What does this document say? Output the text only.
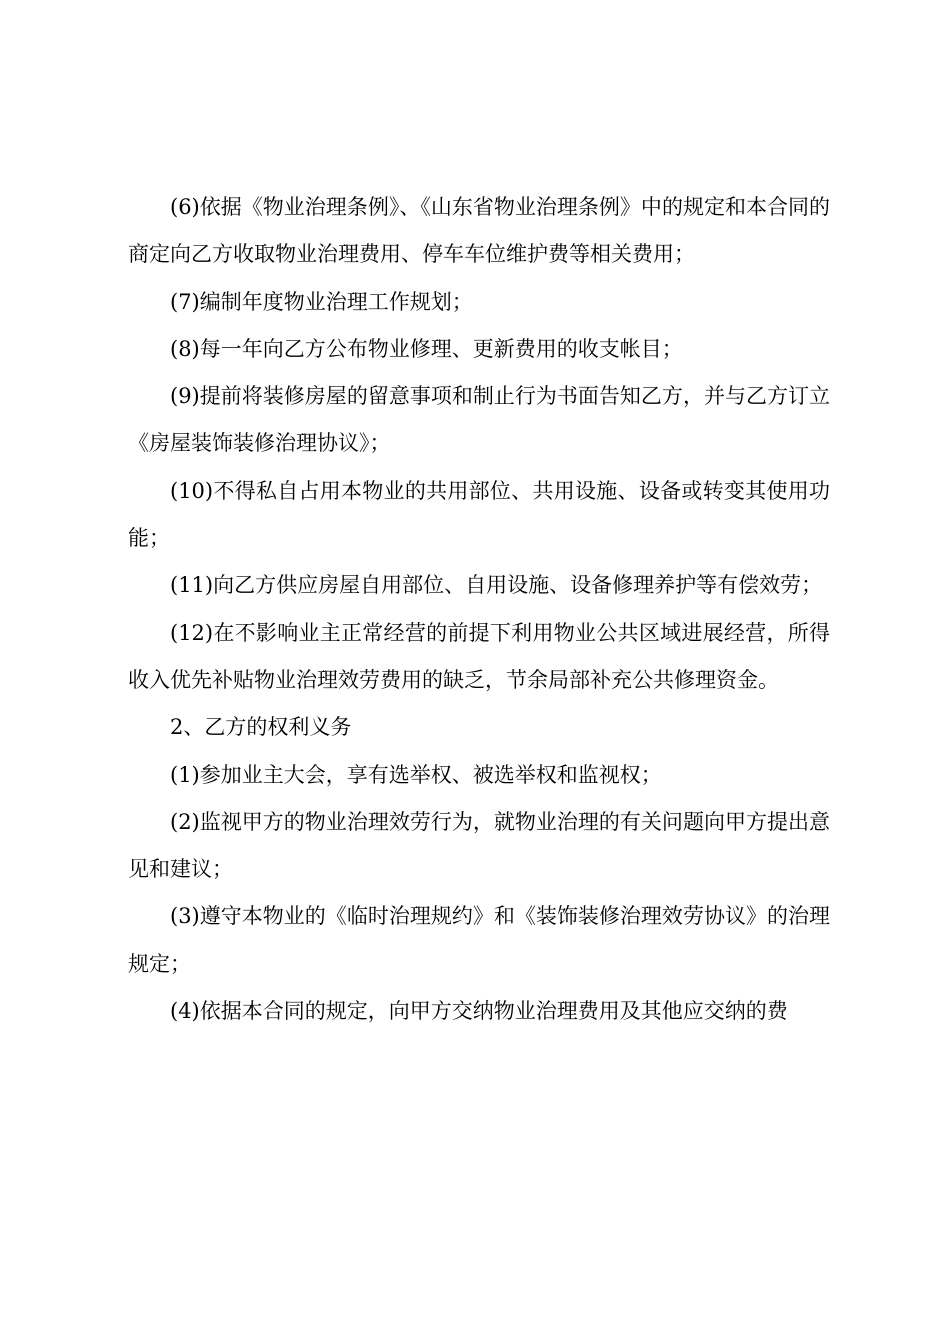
(6)依据《物业治理条例》、《山东省物业治理条例》中的规定和本合同的商定向乙方收取物业治理费用、停车车位维护费等相关费用；

(7)编制年度物业治理工作规划；

(8)每一年向乙方公布物业修理、更新费用的收支帐目；

(9)提前将装修房屋的留意事项和制止行为书面告知乙方，并与乙方订立《房屋装饰装修治理协议》；

(10)不得私自占用本物业的共用部位、共用设施、设备或转变其使用功能；

(11)向乙方供应房屋自用部位、自用设施、设备修理养护等有偿效劳；

(12)在不影响业主正常经营的前提下利用物业公共区域进展经营，所得收入优先补贴物业治理效劳费用的缺乏，节余局部补充公共修理资金。

2、乙方的权利义务

(1)参加业主大会，享有选举权、被选举权和监视权；

(2)监视甲方的物业治理效劳行为，就物业治理的有关问题向甲方提出意见和建议；

(3)遵守本物业的《临时治理规约》和《装饰装修治理效劳协议》的治理规定；

(4)依据本合同的规定，向甲方交纳物业治理费用及其他应交纳的费
